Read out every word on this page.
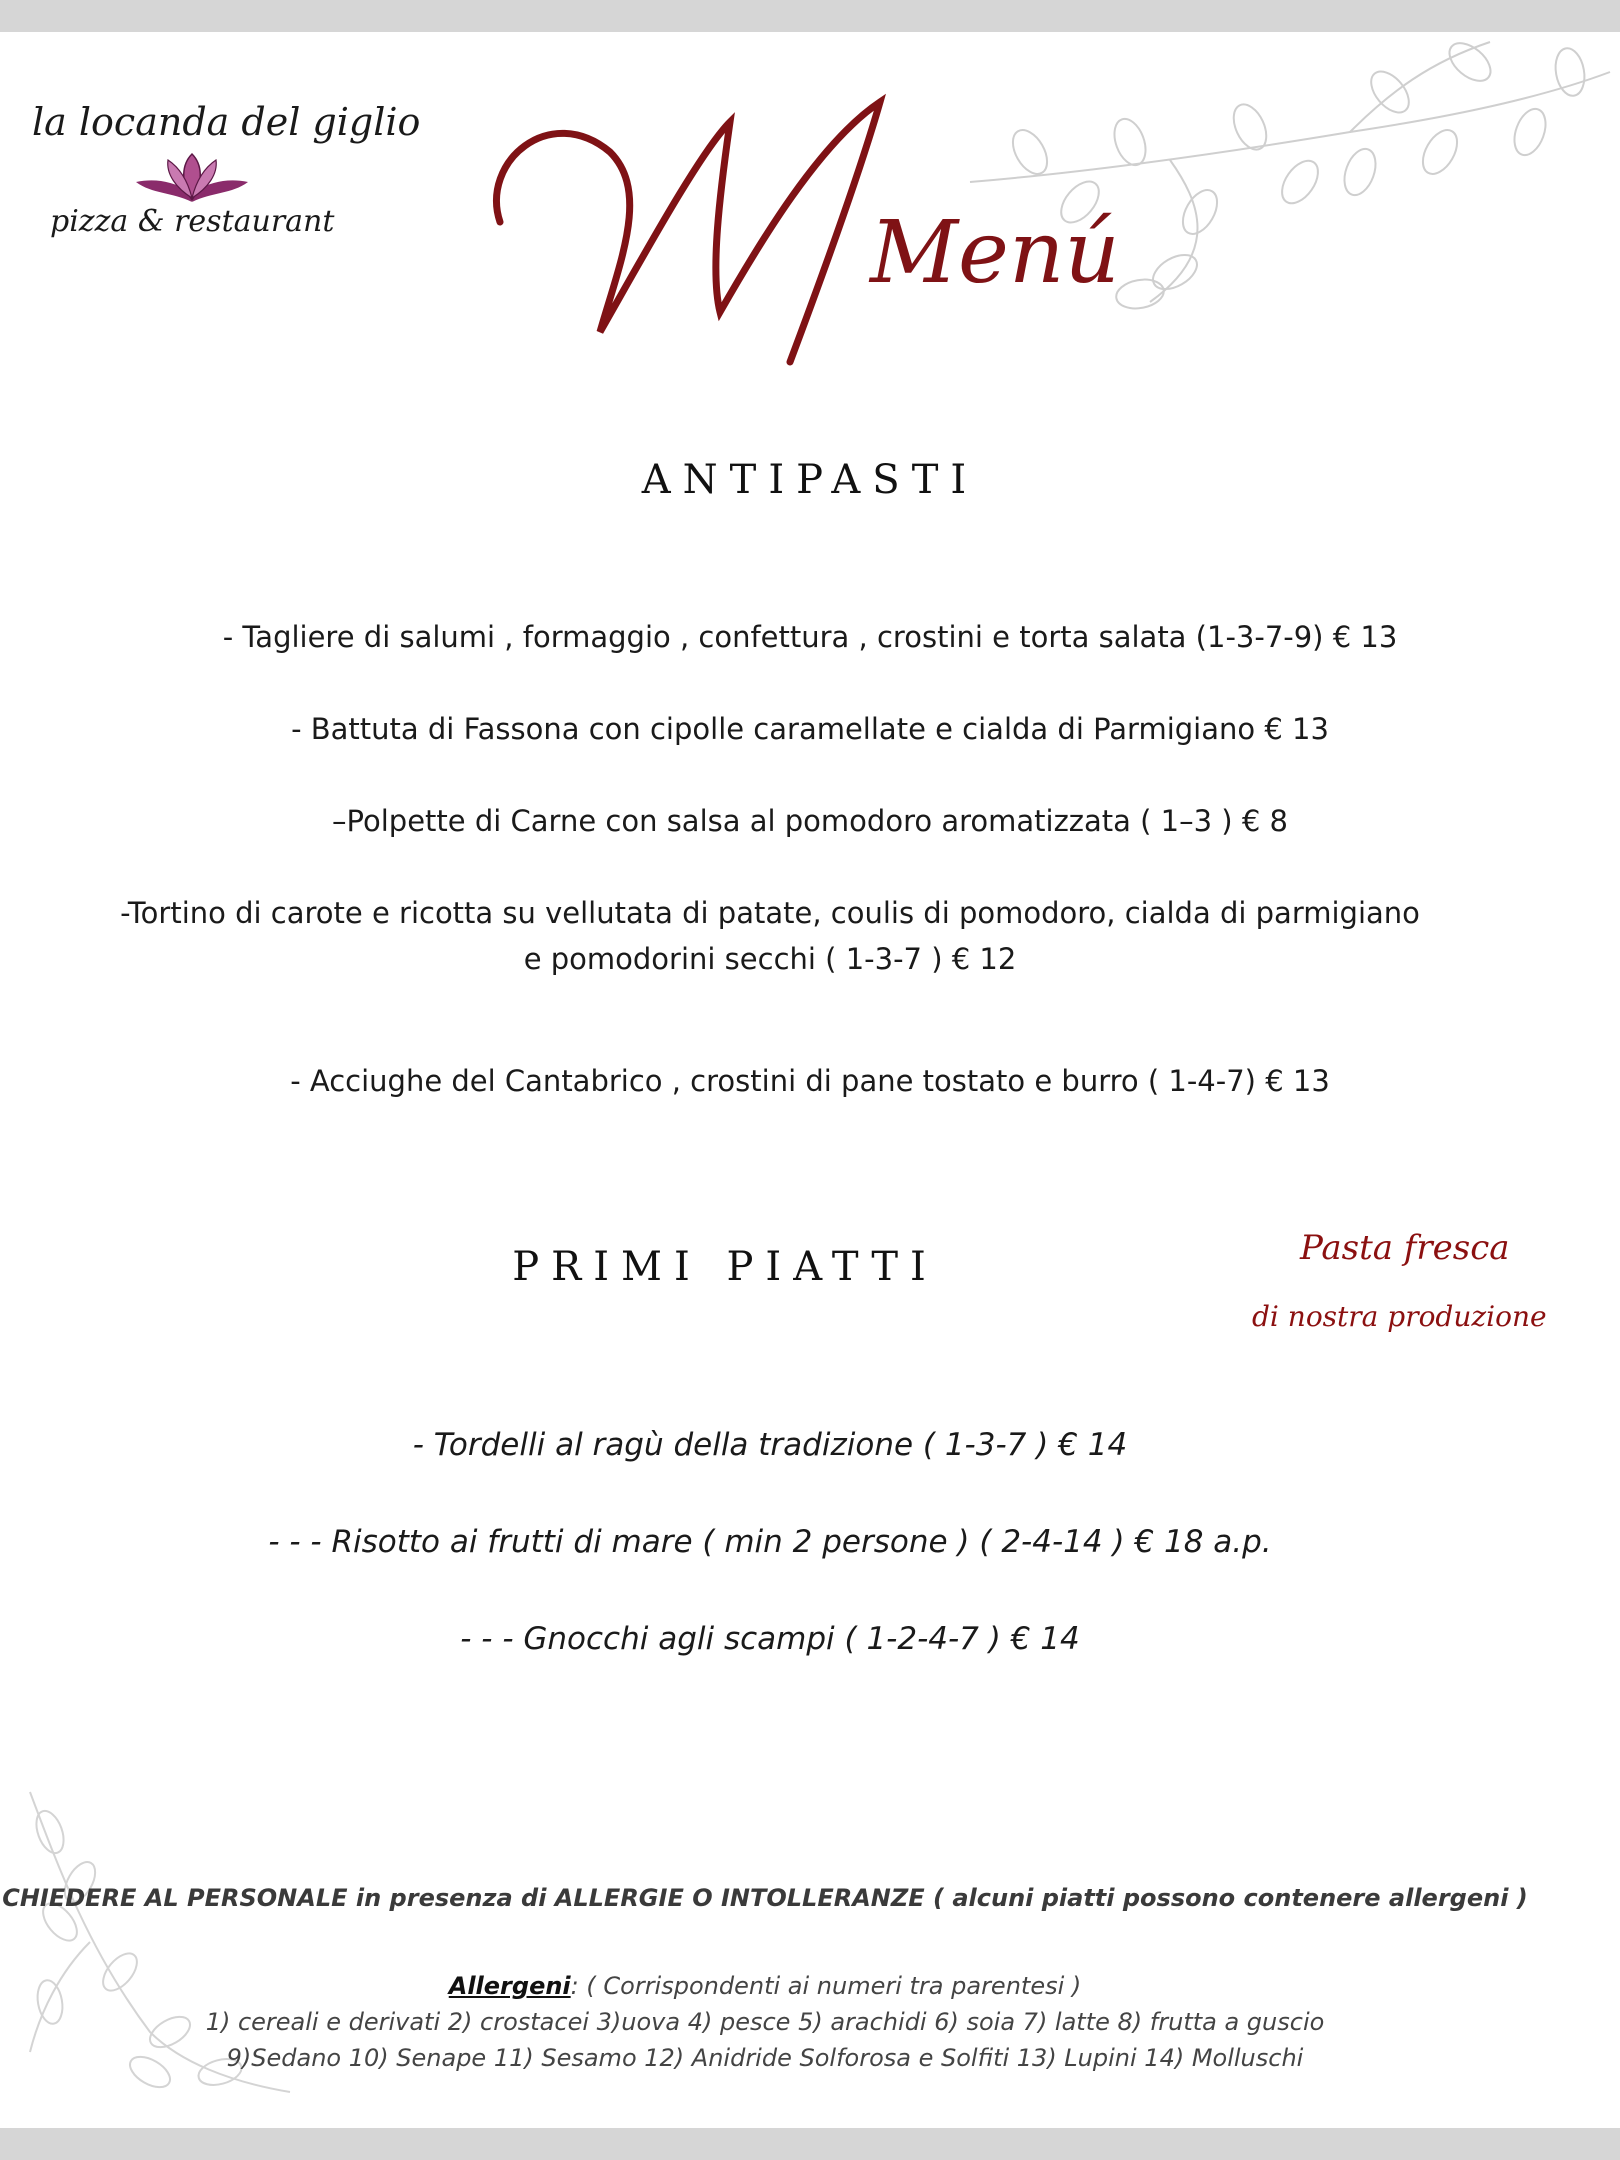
la locanda del giglio
pizza & restaurant	Menú
ANTIPASTI
- Tagliere di salumi , formaggio , confettura , crostini e torta salata (1-3-7-9) € 13
- Battuta di Fassona con cipolle caramellate e cialda di Parmigiano € 13
–Polpette di Carne con salsa al pomodoro aromatizzata ( 1–3 ) € 8
-Tortino di carote e ricotta su vellutata di patate, coulis di pomodoro, cialda di parmigiano
e pomodorini secchi ( 1-3-7 ) € 12
- Acciughe del Cantabrico , crostini di pane tostato e burro ( 1-4-7) € 13
PRIMI PIATTI	Pasta fresca
di nostra produzione
- Tordelli al ragù della tradizione ( 1-3-7 ) € 14
- - - Risotto ai frutti di mare ( min 2 persone ) ( 2-4-14 ) € 18 a.p.
- - - Gnocchi agli scampi ( 1-2-4-7 ) € 14
CHIEDERE AL PERSONALE in presenza di ALLERGIE O INTOLLERANZE ( alcuni piatti possono contenere allergeni )
Allergeni: ( Corrispondenti ai numeri tra parentesi )
1) cereali e derivati 2) crostacei 3)uova 4) pesce 5) arachidi 6) soia 7) latte 8) frutta a guscio
9)Sedano 10) Senape 11) Sesamo 12) Anidride Solforosa e Solfiti 13) Lupini 14) Molluschi
